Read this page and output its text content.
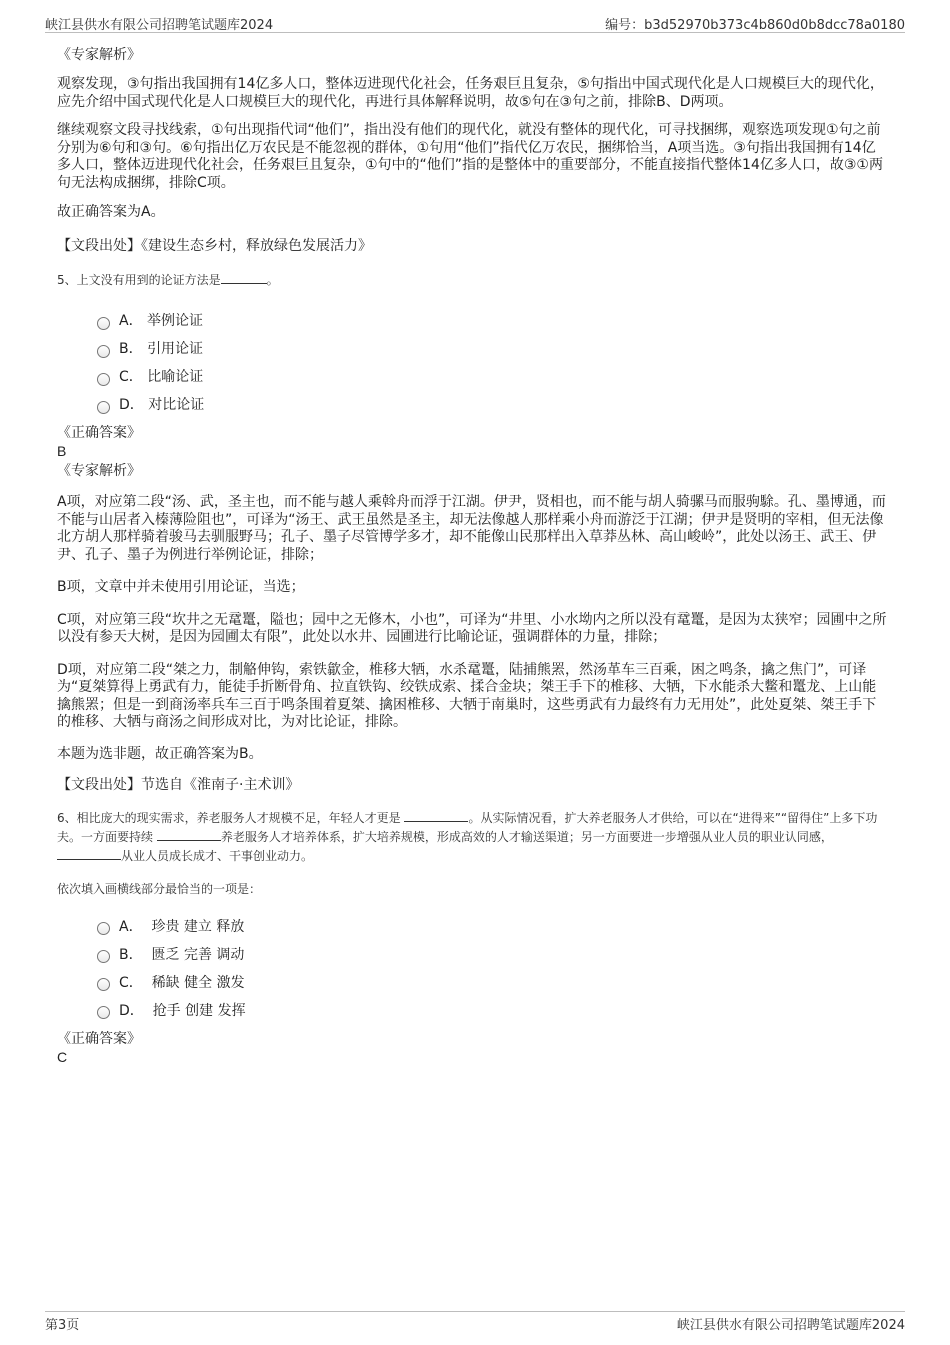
峡江县供水有限公司招聘笔试题库2024	编号：b3d52970b373c4b860d0b8dcc78a0180
《专家解析》

观察发现，③句指出我国拥有14亿多人口，整体迈进现代化社会，任务艰巨且复杂，⑤句指出中国式现代化是人口规模巨大的现代化，应先介绍中国式现代化是人口规模巨大的现代化，再进行具体解释说明，故⑤句在③句之前，排除B、D两项。

继续观察文段寻找线索，①句出现指代词“他们”，指出没有他们的现代化，就没有整体的现代化，可寻找捆绑，观察选项发现①句之前分别为⑥句和③句。⑥句指出亿万农民是不能忽视的群体，①句用“他们”指代亿万农民，捆绑恰当，A项当选。③句指出我国拥有14亿多人口，整体迈进现代化社会，任务艰巨且复杂，①句中的“他们”指的是整体中的重要部分，不能直接指代整体14亿多人口，故③①两句无法构成捆绑，排除C项。

故正确答案为A。

【文段出处】《建设生态乡村，释放绿色发展活力》

5、上文没有用到的论证方法是	。
A．
举例论证
B．
引用论证
C．
比喻论证
D．
对比论证
《正确答案》
B
《专家解析》

A项，对应第二段“汤、武，圣主也，而不能与越人乘斡舟而浮于江湖。伊尹，贤相也，而不能与胡人骑骡马而服驹駼。孔、墨博通，而不能与山居者入榛薄险阻也”，可译为“汤王、武王虽然是圣主，却无法像越人那样乘小舟而游泛于江湖；伊尹是贤明的宰相，但无法像北方胡人那样骑着骏马去驯服野马；孔子、墨子尽管博学多才，却不能像山民那样出入草莽丛林、高山峻岭”，此处以汤王、武王、伊尹、孔子、墨子为例进行举例论证，排除；

B项，文章中并未使用引用论证，当选；

C项，对应第三段“坎井之无鼋鼍，隘也；园中之无修木，小也”，可译为“井里、小水坳内之所以没有鼋鼍，是因为太狭窄；园圃中之所以没有参天大树，是因为园圃太有限”，此处以水井、园圃进行比喻论证，强调群体的力量，排除；

D项，对应第二段“桀之力，制觡伸钩，索铁歙金，椎移大牺，水杀鼋鼍，陆捕熊罴，然汤革车三百乘，困之鸣条，擒之焦门”，可译为“夏桀算得上勇武有力，能徒手折断骨角、拉直铁钩、绞铁成索、揉合金块；桀王手下的椎移、大牺，下水能杀大鳖和鼍龙、上山能擒熊罴；但是一到商汤率兵车三百于鸣条围着夏桀、擒困椎移、大牺于南巢时，这些勇武有力最终有力无用处”，此处夏桀、桀王手下的椎移、大牺与商汤之间形成对比，为对比论证，排除。

本题为选非题，故正确答案为B。

【文段出处】节选自《淮南子·主术训》

6、相比庞大的现实需求，养老服务人才规模不足，年轻人才更是	。从实际情况看，扩大养老服务人才供给，可以在“进得来”“留得住”上多下功夫。一方面要持续	养老服务人才培养体系，扩大培养规模，形成高效的人才输送渠道；另一方面要进一步增强从业人员的职业认同感， 从业人员成长成才、干事创业动力。
依次填入画横线部分最恰当的一项是：
A．
珍贵 建立 释放
B．
匮乏 完善 调动
C．
稀缺 健全 激发
D．
抢手 创建 发挥
《正确答案》
C
第3页	峡江县供水有限公司招聘笔试题库2024
